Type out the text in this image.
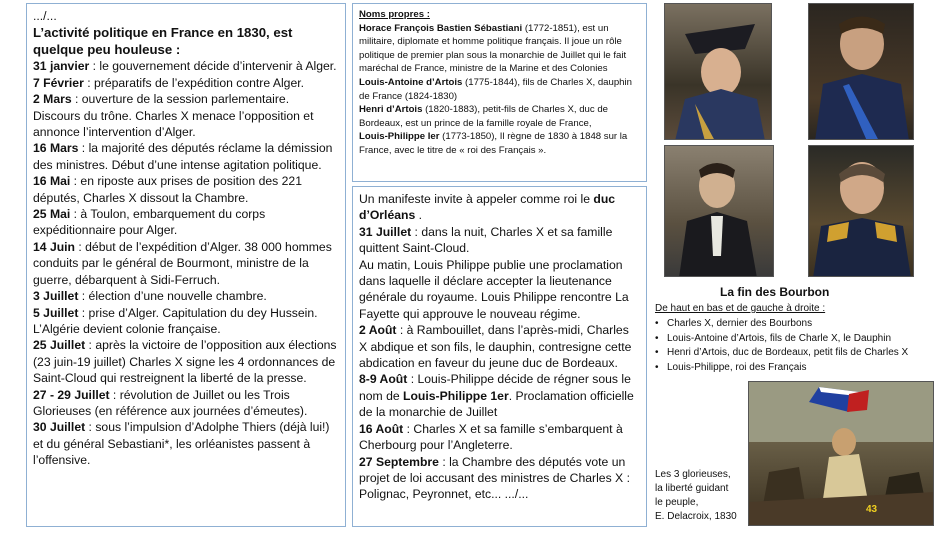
.../...
L’activité politique en France en 1830, est quelque peu houleuse :
31 janvier : le gouvernement décide d’intervenir à Alger.
7 Février : préparatifs de l’expédition contre Alger.
2 Mars : ouverture de la session parlementaire. Discours du trône. Charles X menace l’opposition et annonce l’intervention d’Alger.
16 Mars : la majorité des députés réclame la démission des ministres. Début d’une intense agitation politique.
16 Mai : en riposte aux prises de position des 221 députés, Charles X dissout la Chambre.
25 Mai : à Toulon, embarquement du corps expéditionnaire pour Alger.
14 Juin : début de l’expédition d’Alger. 38 000 hommes conduits par le général de Bourmont, ministre de la guerre, débarquent à Sidi-Ferruch.
3 Juillet : élection d’une nouvelle chambre.
5 Juillet : prise d’Alger. Capitulation du dey Hussein. L’Algérie devient colonie française.
25 Juillet : après la victoire de l’opposition aux élections (23 juin-19 juillet) Charles X signe les 4 ordonnances de Saint-Cloud qui restreignent la liberté de la presse.
27 - 29 Juillet : révolution de Juillet ou les Trois Glorieuses (en référence aux journées d’émeutes).
30 Juillet : sous l’impulsion d’Adolphe Thiers (déjà lui!) et du général Sebastiani*, les orléanistes passent à l’offensive.
Noms propres :
Horace François Bastien Sébastiani (1772-1851), est un militaire, diplomate et homme politique français. Il joue un rôle politique de premier plan sous la monarchie de Juillet qui le fait maréchal de France, ministre de la Marine et des Colonies
Louis-Antoine d’Artois (1775-1844), fils de Charles X, dauphin de France (1824-1830)
Henri d’Artois (1820-1883), petit-fils de Charles X, duc de Bordeaux, est un prince de la famille royale de France,
Louis-Philippe Ier (1773-1850), Il règne de 1830 à 1848 sur la France, avec le titre de « roi des Français ».
Un manifeste invite à appeler comme roi le duc d’Orléans .
31 Juillet : dans la nuit, Charles X et sa famille quittent Saint-Cloud.
Au matin, Louis Philippe publie une proclamation dans laquelle il déclare accepter la lieutenance générale du royaume. Louis Philippe rencontre La Fayette qui approuve le nouveau régime.
2 Août : à Rambouillet, dans l’après-midi, Charles X abdique et son fils, le dauphin, contresigne cette abdication en faveur du jeune duc de Bordeaux.
8-9 Août : Louis-Philippe décide de régner sous le nom de Louis-Philippe 1er. Proclamation officielle de la monarchie de Juillet
16 Août : Charles X et sa famille s’embarquent à Cherbourg pour l’Angleterre.
27 Septembre : la Chambre des députés vote un projet de loi accusant des ministres de Charles X : Polignac, Peyronnet, etc... .../...
La fin des Bourbon
De haut en bas et de gauche à droite :
• Charles X, dernier des Bourbons
• Louis-Antoine d’Artois, fils de Charle X, le Dauphin
• Henri d’Artois, duc de Bordeaux, petit fils de Charles X
• Louis-Philippe, roi des Français
Les 3 glorieuses,
la liberté guidant
le peuple,
E. Delacroix, 1830
43
